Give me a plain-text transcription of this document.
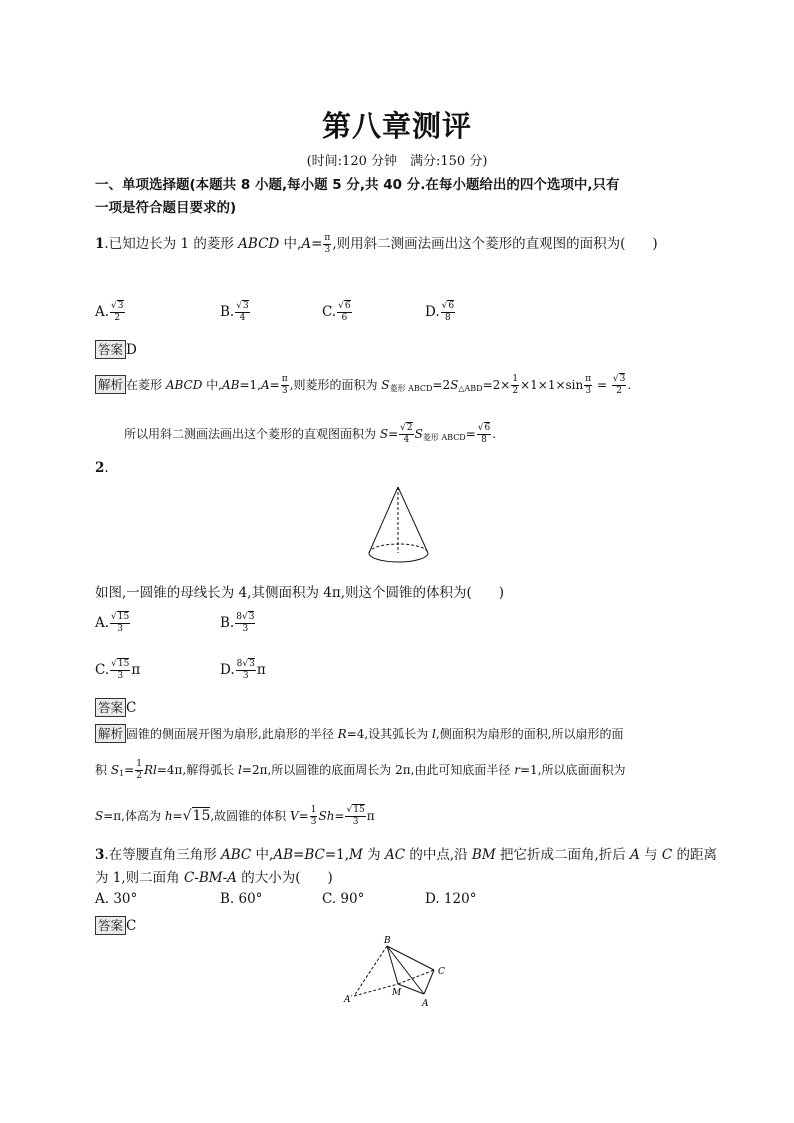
第八章测评
(时间:120 分钟　满分:150 分)
一、单项选择题(本题共 8 小题,每小题 5 分,共 40 分.在每小题给出的四个选项中,只有
一项是符合题目要求的)
1.已知边长为 1 的菱形 ABCD 中$,A= \frac{\pi}{3}$ ,则用斜二测画法画出这个菱形的直观图的面积为(　　)
A. $\frac{√3}{2}$	B. $\frac{√3}{4}$	C. $\frac{√6}{6}$	D. $\frac{√6}{8}$
答案 D
解析 在菱形 ABCD 中$,AB=1,A= \frac{\pi}{3}$ ,则菱形的面积为 S菱形 ABCD=2S△ABD=2× $\frac{1}{2} \times 1\times 1\times\sin \frac{\pi}{3} = \frac{√3}{2}$ .
所以用斜二测画法画出这个菱形的直观图面积为 $S= \frac{√2}{4}$ S菱形 ABCD= $\frac{√6}{8}$ .
2.
如图,一圆锥的母线长为 4,其侧面积为 4π,则这个圆锥的体积为(　　)
A. $\frac{√15}{3}$	B. $\frac{8√3}{3}$
C. $\frac{√15}{3}$ π	D. $\frac{8√3}{3}$ π
答案 C
解析 圆锥的侧面展开图为扇形,此扇形的半径 R=4,设其弧长为 l,侧面积为扇形的面积,所以扇形的面
积 $S1= \frac{1}{2} Rl=4\pi$,解得弧长 l=2π,所以圆锥的底面周长为 2π,由此可知底面半径 r=1,所以底面面积为
S=π,体高为 h=√15,故圆锥的体积 $V= \frac{1}{3} Sh= \frac{√15}{3}$ π
3.在等腰直角三角形 ABC 中,AB=BC=1,M 为 AC 的中点,沿 BM 把它折成二面角,折后 A 与 C 的距离
为 1,则二面角 C-BM-A 的大小为(　　)
A. 30°	B. 60°	C. 90°	D. 120°
答案 C
B
C
M
A
A′
